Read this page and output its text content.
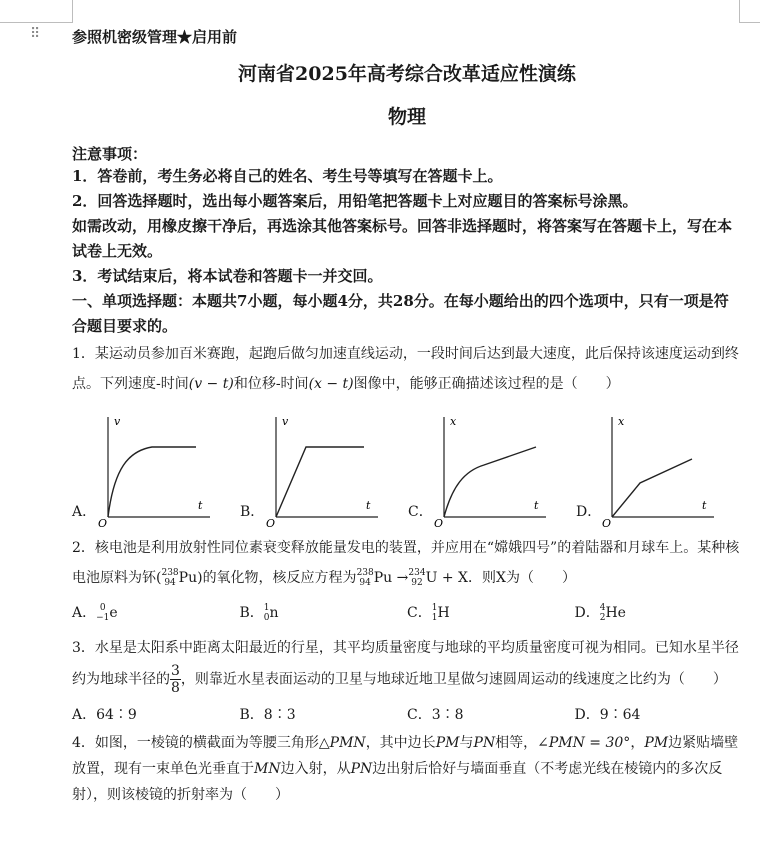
⠿ 参照机密级管理★启用前
河南省2025年高考综合改革适应性演练
物理
注意事项：
1．答卷前，考生务必将自己的姓名、考生号等填写在答题卡上。
2．回答选择题时，选出每小题答案后，用铅笔把答题卡上对应题目的答案标号涂黑。
如需改动，用橡皮擦干净后，再选涂其他答案标号。回答非选择题时，将答案写在答题卡上，写在本试卷上无效。
3．考试结束后，将本试卷和答题卡一并交回。
一、单项选择题：本题共7小题，每小题4分，共28分。在每小题给出的四个选项中，只有一项是符合题目要求的。
1．某运动员参加百米赛跑，起跑后做匀加速直线运动，一段时间后达到最大速度，此后保持该速度运动到终点。下列速度-时间(v − t)和位移-时间(x − t)图像中，能够正确描述该过程的是（　　）
A．
v
t
O
B．
v
t
O
C．
x
t
O
D．
x
t
O
2．核电池是利用放射性同位素衰变释放能量发电的装置，并应用在“嫦娥四号”的着陆器和月球车上。某种核电池原料为钚( 238
94 Pu)的氧化物，核反应方程为 238
94 Pu → 234
92 U + X．则X为（　　）
A． 0
−1 e	B． 1
0 n	C． 1
1 H	D． 4
2 He
3．水星是太阳系中距离太阳最近的行星，其平均质量密度与地球的平均质量密度可视为相同。已知水星半径约为地球半径的 $\frac{3}{8}$ ，则靠近水星表面运动的卫星与地球近地卫星做匀速圆周运动的线速度之比约为（　　）
A．64∶9	B．8∶3	C．3∶8	D．9∶64
4．如图，一棱镜的横截面为等腰三角形△PMN，其中边长PM与PN相等，∠PMN = 30°，PM边紧贴墙壁放置，现有一束单色光垂直于MN边入射，从PN边出射后恰好与墙面垂直（不考虑光线在棱镜内的多次反射），则该棱镜的折射率为（　　）
